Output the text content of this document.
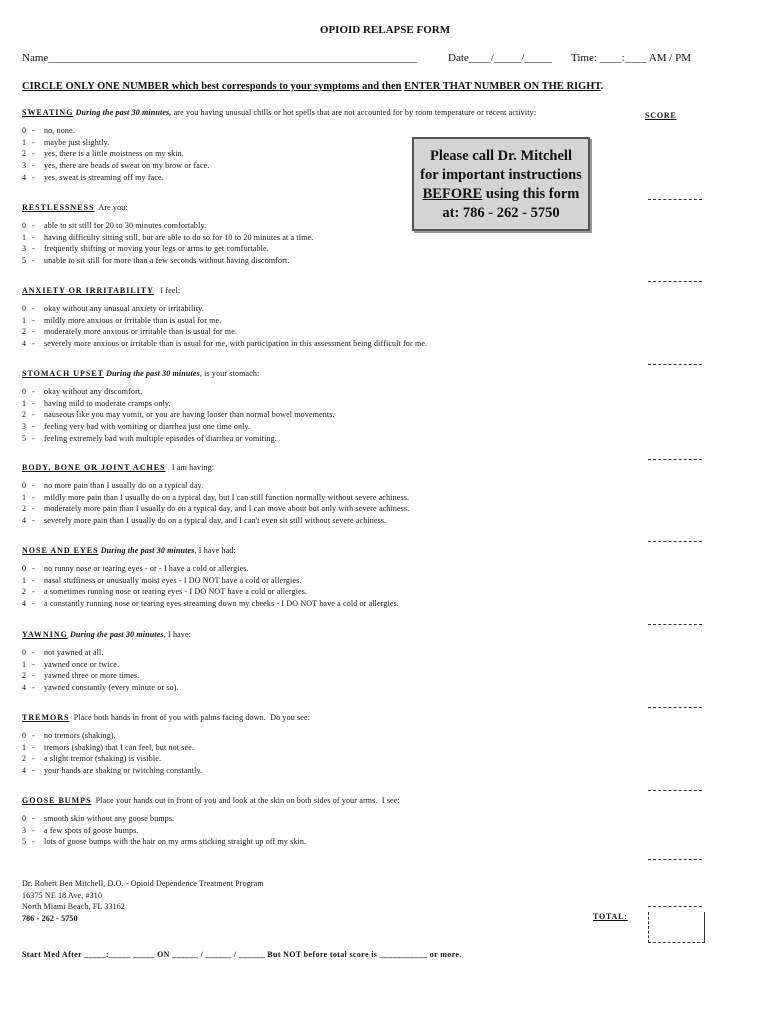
OPIOID RELAPSE FORM
Name___________________________________________________________________	Date____/_____/_____ Time: ____:____ AM / PM
CIRCLE ONLY ONE NUMBER which best corresponds to your symptoms and then ENTER THAT NUMBER ON THE RIGHT.
SCORE
Please call Dr. Mitchell
for important instructions
BEFORE using this form
at: 786 - 262 - 5750
SWEATING During the past 30 minutes, are you having unusual chills or hot spells that are not accounted for by room temperature or recent activity:
0 - no, none.
1 - maybe just slightly.
2 - yes, there is a little moistness on my skin.
3 - yes, there are beads of sweat on my brow or face.
4 - yes, sweat is streaming off my face.
RESTLESSNESS  Are you:
0 - able to sit still for 20 to 30 minutes comfortably.
1 - having difficulty sitting still, but are able to do so for 10 to 20 minutes at a time.
3 - frequently shifting or moving your legs or arms to get comfortable.
5 - unable to sit still for more than a few seconds without having discomfort.
ANXIETY OR IRRITABILITY   I feel:
0 - okay without any unusual anxiety or irritability.
1 - mildly more anxious or irritable than is usual for me.
2 - moderately more anxious or irritable than is usual for me.
4 - severely more anxious or irritable than is usual for me, with participation in this assessment being difficult for me.
STOMACH UPSET During the past 30 minutes, is your stomach:
0 - okay without any discomfort.
1 - having mild to moderate cramps only.
2 - nauseous like you may vomit, or you are having looser than normal bowel movements.
3 - feeling very bad with vomiting or diarrhea just one time only.
5 - feeling extremely bad with multiple episodes of diarrhea or vomiting.
BODY, BONE OR JOINT ACHES   I am having:
0 - no more pain than I usually do on a typical day.
1 - mildly more pain than I usually do on a typical day, but I can still function normally without severe achiness.
2 - moderately more pain than I usually do on a typical day, and I can move about but only with severe achiness.
4 - severely more pain than I usually do on a typical day, and I can't even sit still without severe achiness.
NOSE AND EYES During the past 30 minutes, I have had:
0 - no runny nose or tearing eyes - or - I have a cold or allergies.
1 - nasal stuffiness or unusually moist eyes - I DO NOT have a cold or allergies.
2 - a sometimes running nose or tearing eyes - I DO NOT have a cold or allergies.
4 - a constantly running nose or tearing eyes streaming down my cheeks - I DO NOT have a cold or allergies.
YAWNING During the past 30 minutes, I have:
0 - not yawned at all.
1 - yawned once or twice.
2 - yawned three or more times.
4 - yawned constantly (every minute or so).
TREMORS  Place both hands in front of you with palms facing down.  Do you see:
0 - no tremors (shaking).
1 - tremors (shaking) that I can feel, but not see.
2 - a slight tremor (shaking) is visible.
4 - your hands are shaking or twitching constantly.
GOOSE BUMPS  Place your hands out in front of you and look at the skin on both sides of your arms.  I see:
0 - smooth skin without any goose bumps.
3 - a few spots of goose bumps.
5 - lots of goose bumps with the hair on my arms sticking straight up off my skin.
Dr. Robert Ben Mitchell, D.O. - Opioid Dependence Treatment Program
16375 NE 18 Ave, #310
North Miami Beach, FL 33162
786 - 262 - 5750	TOTAL:
Start Med After _____:_____ _____ ON ______ / ______ / ______ But NOT before total score is ___________ or more.
